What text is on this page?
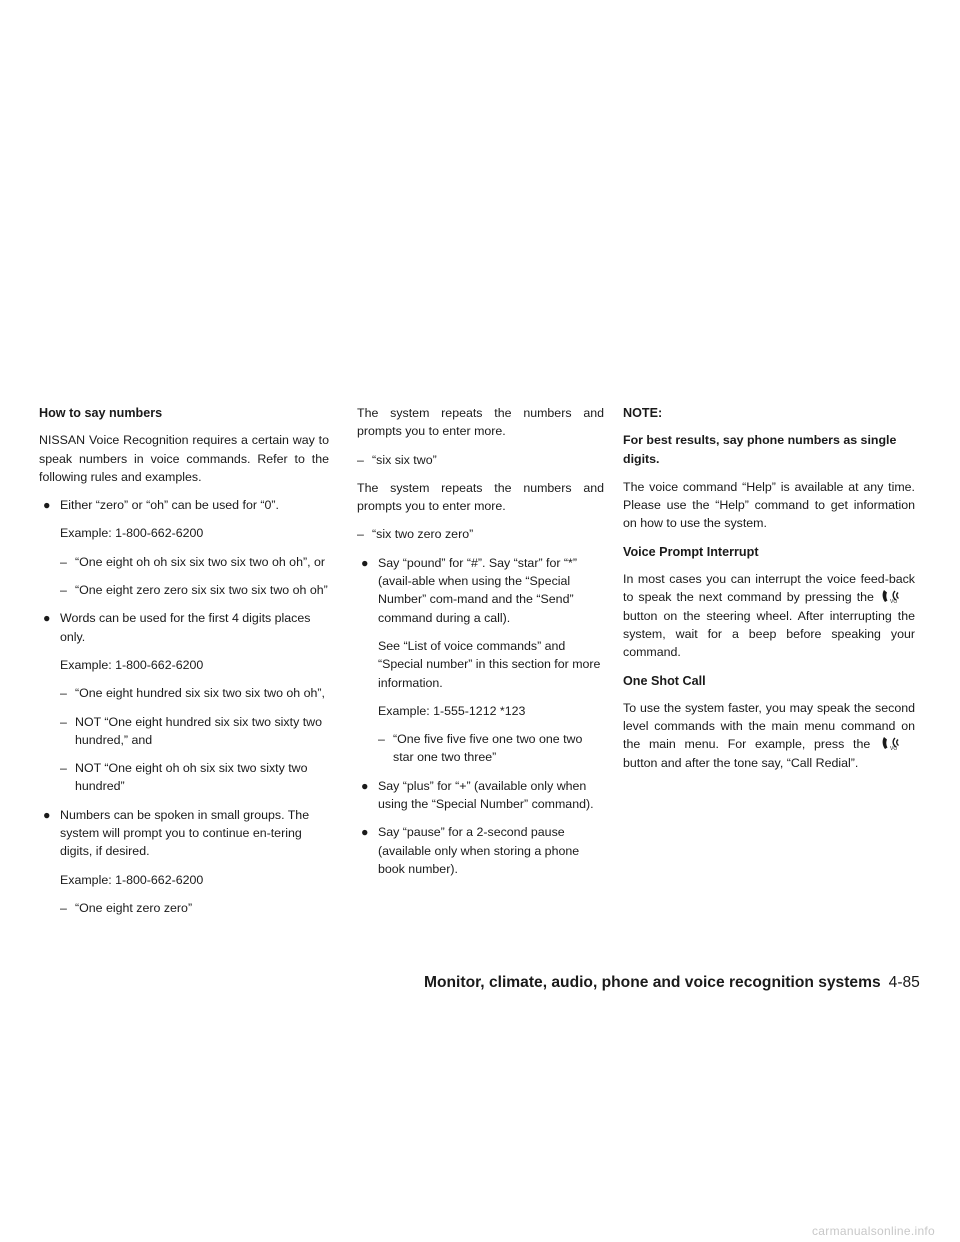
How to say numbers
NISSAN Voice Recognition requires a certain way to speak numbers in voice commands. Refer to the following rules and examples.
● Either “zero” or “oh” can be used for “0”.
Example: 1-800-662-6200
– “One eight oh oh six six two six two oh oh”, or
– “One eight zero zero six six two six two oh oh”
● Words can be used for the first 4 digits places only.
Example: 1-800-662-6200
– “One eight hundred six six two six two oh oh”,
– NOT “One eight hundred six six two sixty two hundred,” and
– NOT “One eight oh oh six six two sixty two hundred”
● Numbers can be spoken in small groups. The system will prompt you to continue en-tering digits, if desired.
Example: 1-800-662-6200
– “One eight zero zero”
The system repeats the numbers and prompts you to enter more.
– “six six two”
The system repeats the numbers and prompts you to enter more.
– “six two zero zero”
● Say “pound” for “#”. Say “star” for “*” (avail-able when using the “Special Number” com-mand and the “Send” command during a call).
See “List of voice commands” and “Special number” in this section for more information.
Example: 1-555-1212 *123
– “One five five five one two one two star one two three”
● Say “plus” for “+” (available only when using the “Special Number” command).
● Say “pause” for a 2-second pause (available only when storing a phone book number).
NOTE:
For best results, say phone numbers as single digits.
The voice command “Help” is available at any time. Please use the “Help” command to get information on how to use the system.
Voice Prompt Interrupt
In most cases you can interrupt the voice feed-back to speak the next command by pressing the	VO
button on the steering wheel. After interrupting the system, wait for a beep before speaking your command.
One Shot Call
To use the system faster, you may speak the second level commands with the main menu command on the main menu. For example, press the	VO
button and after the tone say, “Call Redial”.
Monitor, climate, audio, phone and voice recognition systems 4-85
carmanualsonline.info
